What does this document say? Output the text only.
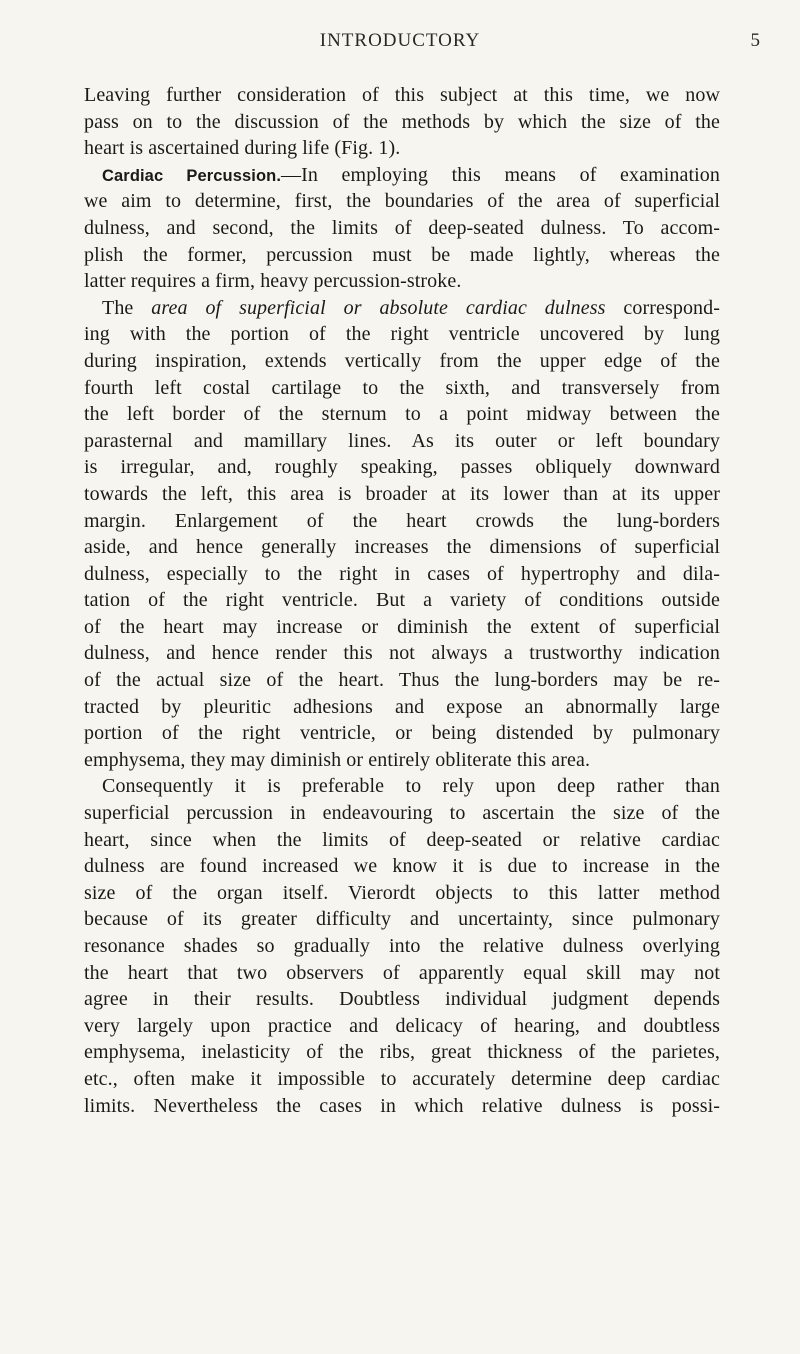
INTRODUCTORY	5
Leaving further consideration of this subject at this time, we now
pass on to the discussion of the methods by which the size of the
heart is ascertained during life (Fig. 1).
Cardiac Percussion.—In employing this means of examination
we aim to determine, first, the boundaries of the area of superficial
dulness, and second, the limits of deep-seated dulness. To accom-
plish the former, percussion must be made lightly, whereas the
latter requires a firm, heavy percussion-stroke.
The area of superficial or absolute cardiac dulness correspond-
ing with the portion of the right ventricle uncovered by lung
during inspiration, extends vertically from the upper edge of the
fourth left costal cartilage to the sixth, and transversely from
the left border of the sternum to a point midway between the
parasternal and mamillary lines. As its outer or left boundary
is irregular, and, roughly speaking, passes obliquely downward
towards the left, this area is broader at its lower than at its upper
margin. Enlargement of the heart crowds the lung-borders
aside, and hence generally increases the dimensions of superficial
dulness, especially to the right in cases of hypertrophy and dila-
tation of the right ventricle. But a variety of conditions outside
of the heart may increase or diminish the extent of superficial
dulness, and hence render this not always a trustworthy indication
of the actual size of the heart. Thus the lung-borders may be re-
tracted by pleuritic adhesions and expose an abnormally large
portion of the right ventricle, or being distended by pulmonary
emphysema, they may diminish or entirely obliterate this area.
Consequently it is preferable to rely upon deep rather than
superficial percussion in endeavouring to ascertain the size of the
heart, since when the limits of deep-seated or relative cardiac
dulness are found increased we know it is due to increase in the
size of the organ itself. Vierordt objects to this latter method
because of its greater difficulty and uncertainty, since pulmonary
resonance shades so gradually into the relative dulness overlying
the heart that two observers of apparently equal skill may not
agree in their results. Doubtless individual judgment depends
very largely upon practice and delicacy of hearing, and doubtless
emphysema, inelasticity of the ribs, great thickness of the parietes,
etc., often make it impossible to accurately determine deep cardiac
limits. Nevertheless the cases in which relative dulness is possi-
